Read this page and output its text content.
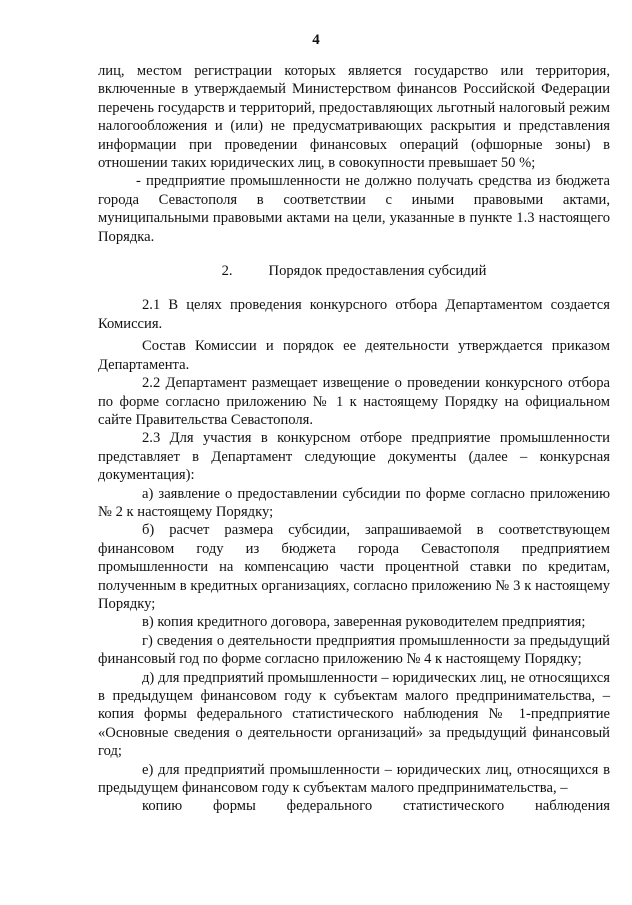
4

лиц, местом регистрации которых является государство или территория, включенные в утверждаемый Министерством финансов Российской Федерации перечень государств и территорий, предоставляющих льготный налоговый режим налогообложения и (или) не предусматривающих раскрытия и представления информации при проведении финансовых операций (офшорные зоны) в отношении таких юридических лиц, в совокупности превышает 50 %;

- предприятие промышленности не должно получать средства из бюджета города Севастополя в соответствии с иными правовыми актами, муниципальными правовыми актами на цели, указанные в пункте 1.3 настоящего Порядка.

2. Порядок предоставления субсидий

2.1 В целях проведения конкурсного отбора Департаментом создается Комиссия.

Состав Комиссии и порядок ее деятельности утверждается приказом Департамента.

2.2 Департамент размещает извещение о проведении конкурсного отбора по форме согласно приложению № 1 к настоящему Порядку на официальном сайте Правительства Севастополя.

2.3 Для участия в конкурсном отборе предприятие промышленности представляет в Департамент следующие документы (далее – конкурсная документация):

а) заявление о предоставлении субсидии по форме согласно приложению № 2 к настоящему Порядку;

б) расчет размера субсидии, запрашиваемой в соответствующем финансовом году из бюджета города Севастополя предприятием промышленности на компенсацию части процентной ставки по кредитам, полученным в кредитных организациях, согласно приложению № 3 к настоящему Порядку;

в) копия кредитного договора, заверенная руководителем предприятия;

г) сведения о деятельности предприятия промышленности за предыдущий финансовый год по форме согласно приложению № 4 к настоящему Порядку;

д) для предприятий промышленности – юридических лиц, не относящихся в предыдущем финансовом году к субъектам малого предпринимательства, – копия формы федерального статистического наблюдения № 1-предприятие «Основные сведения о деятельности организаций» за предыдущий финансовый год;

е) для предприятий промышленности – юридических лиц, относящихся в предыдущем финансовом году к субъектам малого предпринимательства, –
копию формы федерального статистического наблюдения
